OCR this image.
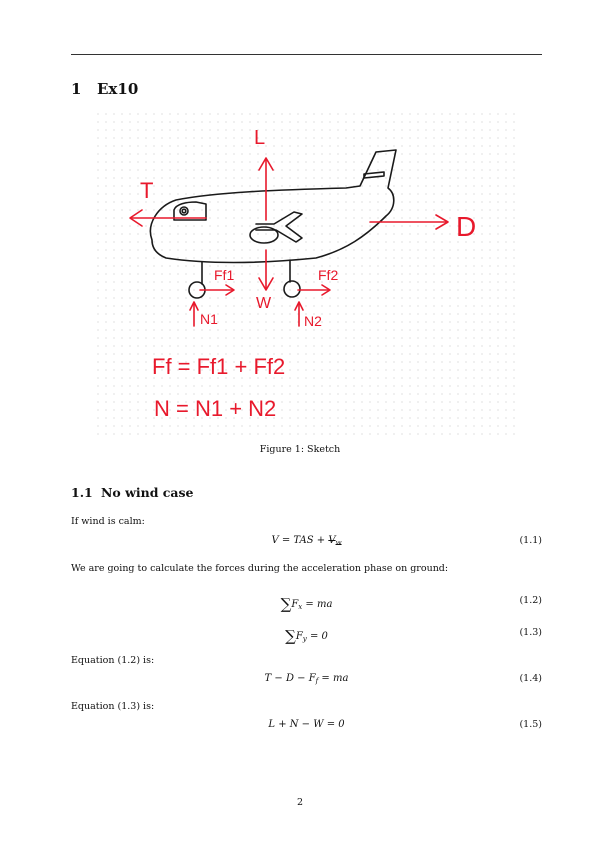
1 Ex10
L
T
D
W
Ff1	Ff2
N1	N2
Ff = Ff1 + Ff2
N = N1 + N2
Figure 1: Sketch
1.1 No wind case
If wind is calm:
V = TAS + $V_w$	(1.1)
We are going to calculate the forces during the acceleration phase on ground:
$\sum F_x$ = ma	(1.2)
$\sum F_y = 0$	(1.3)
Equation (1.2) is:
$T - D - F_f$ = ma	(1.4)
Equation (1.3) is:
L + N − W = 0	(1.5)
2
